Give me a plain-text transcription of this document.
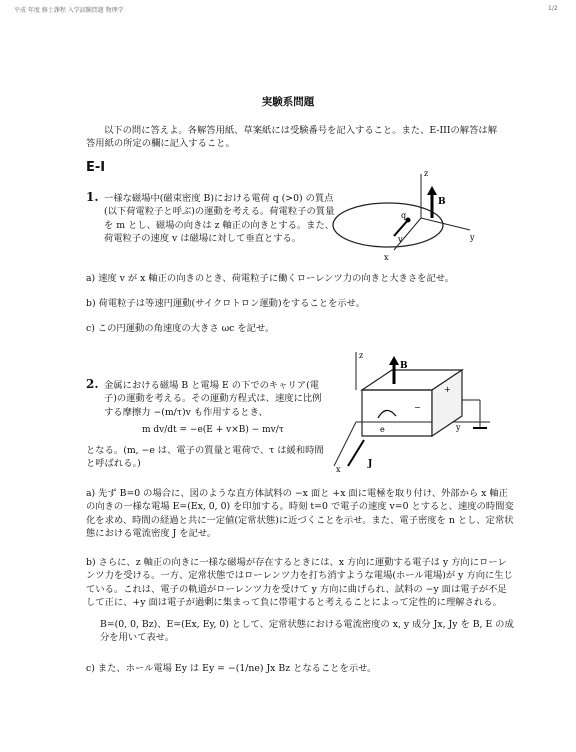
平成 年度 修士課程 入学試験問題 物理学	1/2
実験系問題
以下の問に答えよ。各解答用紙、草案紙には受験番号を記入すること。また、E-IIIの解答は解答用紙の所定の欄に記入すること。
E-I
1. 一様な磁場中(磁束密度 B)における電荷 q (>0) の質点(以下荷電粒子と呼ぶ)の運動を考える。荷電粒子の質量を m とし、磁場の向きは z 軸正の向きとする。また、荷電粒子の速度 v は磁場に対して垂直とする。
z
B
q
v
x
y
a) 速度 v が x 軸正の向きのとき、荷電粒子に働くローレンツ力の向きと大きさを記せ。
b) 荷電粒子は等速円運動(サイクロトロン運動)をすることを示せ。
c) この円運動の角速度の大きさ ωc を記せ。
2. 金属における磁場 B と電場 E の下でのキャリア(電子)の運動を考える。その運動方程式は、速度に比例する摩擦力 −(m/τ)v も作用するとき、
m dv/dt = −e(E + v×B) − mv/τ
となる。(m, −e は、電子の質量と電荷で、τ は緩和時間と呼ばれる。)
z
B
x
y
J
e
−
+
a) 先ず B=0 の場合に、図のような直方体試料の −x 面と +x 面に電極を取り付け、外部から x 軸正の向きの一様な電場 E=(Ex, 0, 0) を印加する。時刻 t=0 で電子の速度 v=0 とすると、速度の時間変化を求め、時間の経過と共に一定値(定常状態)に近づくことを示せ。また、電子密度を n とし、定常状態における電流密度 J を記せ。
b) さらに、z 軸正の向きに一様な磁場が存在するときには、x 方向に運動する電子は y 方向にローレンツ力を受ける。一方、定常状態ではローレンツ力を打ち消すような電場(ホール電場)が y 方向に生じている。これは、電子の軌道がローレンツ力を受けて y 方向に曲げられ、試料の −y 面は電子が不足して正に、+y 面は電子が過剰に集まって負に帯電すると考えることによって定性的に理解される。
B=(0, 0, Bz)、E=(Ex, Ey, 0) として、定常状態における電流密度の x, y 成分 Jx, Jy を B, E の成分を用いて表せ。
c) また、ホール電場 Ey は Ey = −(1/ne) Jx Bz となることを示せ。
